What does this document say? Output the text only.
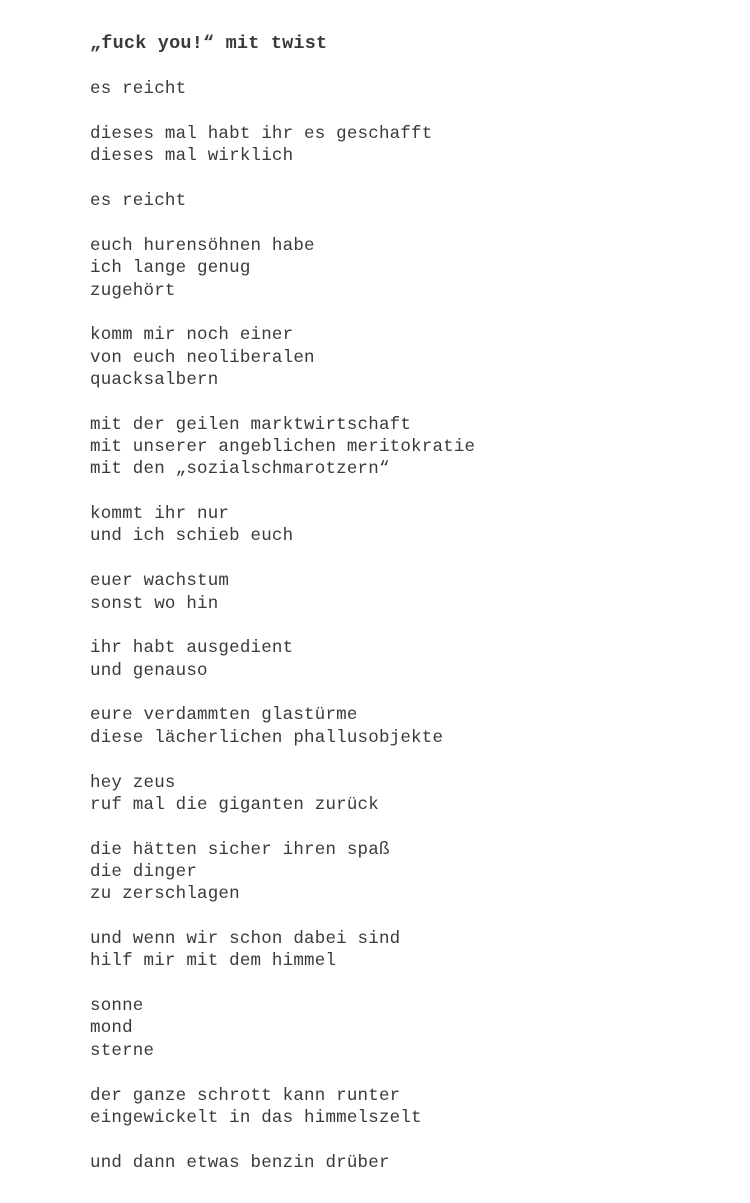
„fuck you!“ mit twist
es reicht
dieses mal habt ihr es geschafft
dieses mal wirklich
es reicht
euch hurensöhnen habe
ich lange genug
zugehört
komm mir noch einer
von euch neoliberalen
quacksalbern
mit der geilen marktwirtschaft
mit unserer angeblichen meritokratie
mit den „sozialschmarotzern“
kommt ihr nur
und ich schieb euch
euer wachstum
sonst wo hin
ihr habt ausgedient
und genauso
eure verdammten glastürme
diese lächerlichen phallusobjekte
hey zeus
ruf mal die giganten zurück
die hätten sicher ihren spaß
die dinger
zu zerschlagen
und wenn wir schon dabei sind
hilf mir mit dem himmel
sonne
mond
sterne
der ganze schrott kann runter
eingewickelt in das himmelszelt
und dann etwas benzin drüber
